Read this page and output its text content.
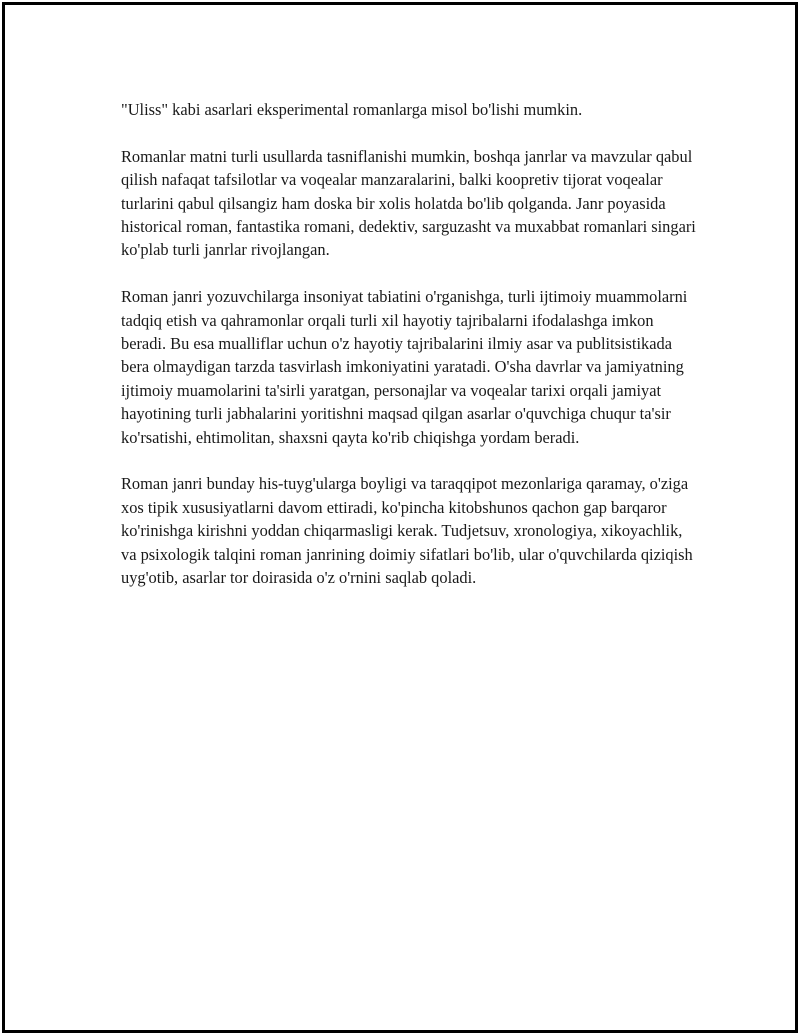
"Uliss" kabi asarlari eksperimental romanlarga misol bo'lishi mumkin.

Romanlar matni turli usullarda tasniflanishi mumkin, boshqa janrlar va mavzular qabul qilish nafaqat tafsilotlar va voqealar manzaralarini, balki koopretiv tijorat voqealar turlarini qabul qilsangiz ham doska bir xolis holatda bo'lib qolganda. Janr poyasida historical roman, fantastika romani, dedektiv, sarguzasht va muxabbat romanlari singari ko'plab turli janrlar rivojlangan.

Roman janri yozuvchilarga insoniyat tabiatini o'rganishga, turli ijtimoiy muammolarni tadqiq etish va qahramonlar orqali turli xil hayotiy tajribalarni ifodalashga imkon beradi. Bu esa mualliflar uchun o'z hayotiy tajribalarini ilmiy asar va publitsistikada bera olmaydigan tarzda tasvirlash imkoniyatini yaratadi. O'sha davrlar va jamiyatning ijtimoiy muamolarini ta'sirli yaratgan, personajlar va voqealar tarixi orqali jamiyat hayotining turli jabhalarini yoritishni maqsad qilgan asarlar o'quvchiga chuqur ta'sir ko'rsatishi, ehtimolitan, shaxsni qayta ko'rib chiqishga yordam beradi.

Roman janri bunday his-tuyg'ularga boyligi va taraqqipot mezonlariga qaramay, o'ziga xos tipik xususiyatlarni davom ettiradi, ko'pincha kitobshunos qachon gap barqaror ko'rinishga kirishni yoddan chiqarmasligi kerak. Tudjetsuv, xronologiya, xikoyachlik, va psixologik talqini roman janrining doimiy sifatlari bo'lib, ular o'quvchilarda qiziqish uyg'otib, asarlar tor doirasida o'z o'rnini saqlab qoladi.
